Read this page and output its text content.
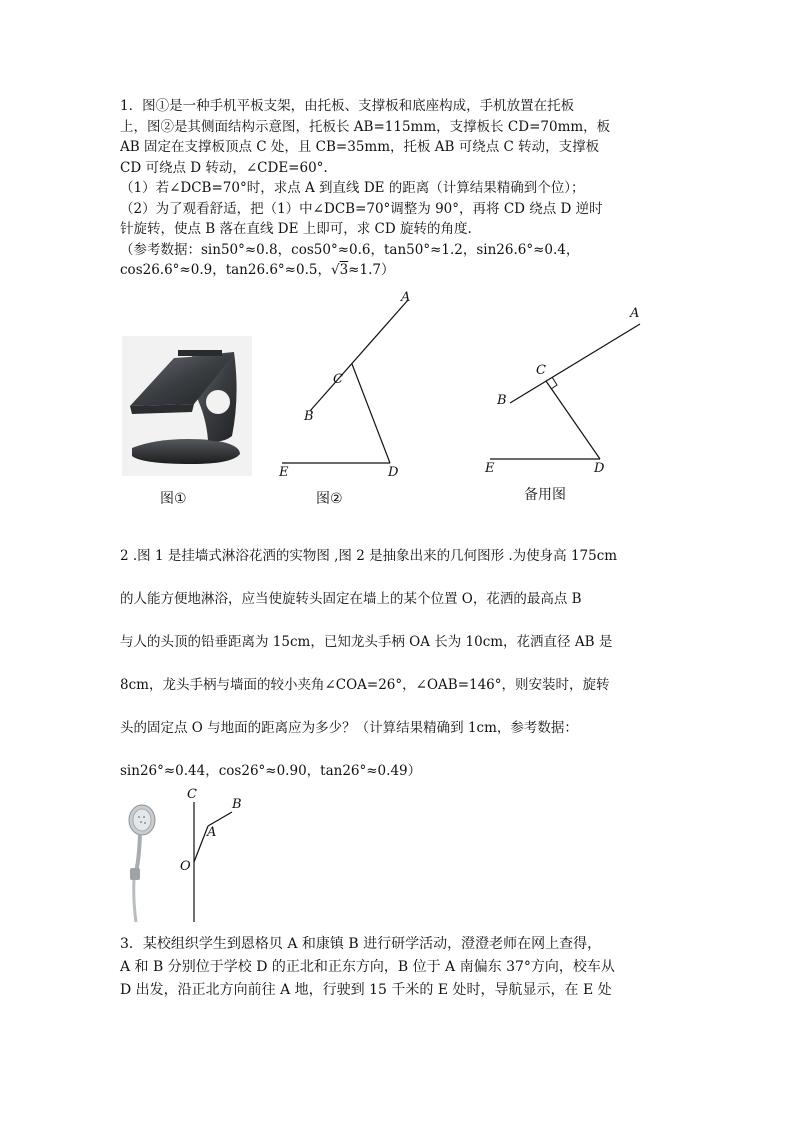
1．图①是一种手机平板支架，由托板、支撑板和底座构成，手机放置在托板
上，图②是其侧面结构示意图，托板长 AB=115mm，支撑板长 CD=70mm，板
AB 固定在支撑板顶点 C 处，且 CB=35mm，托板 AB 可绕点 C 转动，支撑板
CD 可绕点 D 转动，∠CDE=60°.
（1）若∠DCB=70°时，求点 A 到直线 DE 的距离（计算结果精确到个位）；
（2）为了观看舒适，把（1）中∠DCB=70°调整为 90°，再将 CD 绕点 D 逆时
针旋转，使点 B 落在直线 DE 上即可，求 CD 旋转的角度.
（参考数据：sin50°≈0.8，cos50°≈0.6，tan50°≈1.2，sin26.6°≈0.4，
cos26.6°≈0.9，tan26.6°≈0.5，√3≈1.7）
A
C
B
E	D
A
C
B
E	D
图①	图②	备用图
2 .图 1 是挂墙式淋浴花洒的实物图 ,图 2 是抽象出来的几何图形 .为使身高 175cm
的人能方便地淋浴，应当使旋转头固定在墙上的某个位置 O，花洒的最高点 B
与人的头顶的铅垂距离为 15cm，已知龙头手柄 OA 长为 10cm，花洒直径 AB 是
8cm，龙头手柄与墙面的较小夹角∠COA=26°，∠OAB=146°，则安装时，旋转
头的固定点 O 与地面的距离应为多少？（计算结果精确到 1cm，参考数据：
sin26°≈0.44，cos26°≈0.90，tan26°≈0.49）
C
B
A
O
3．某校组织学生到恩格贝 A 和康镇 B 进行研学活动，澄澄老师在网上查得，
A 和 B 分别位于学校 D 的正北和正东方向，B 位于 A 南偏东 37°方向，校车从
D 出发，沿正北方向前往 A 地，行驶到 15 千米的 E 处时，导航显示，在 E 处
